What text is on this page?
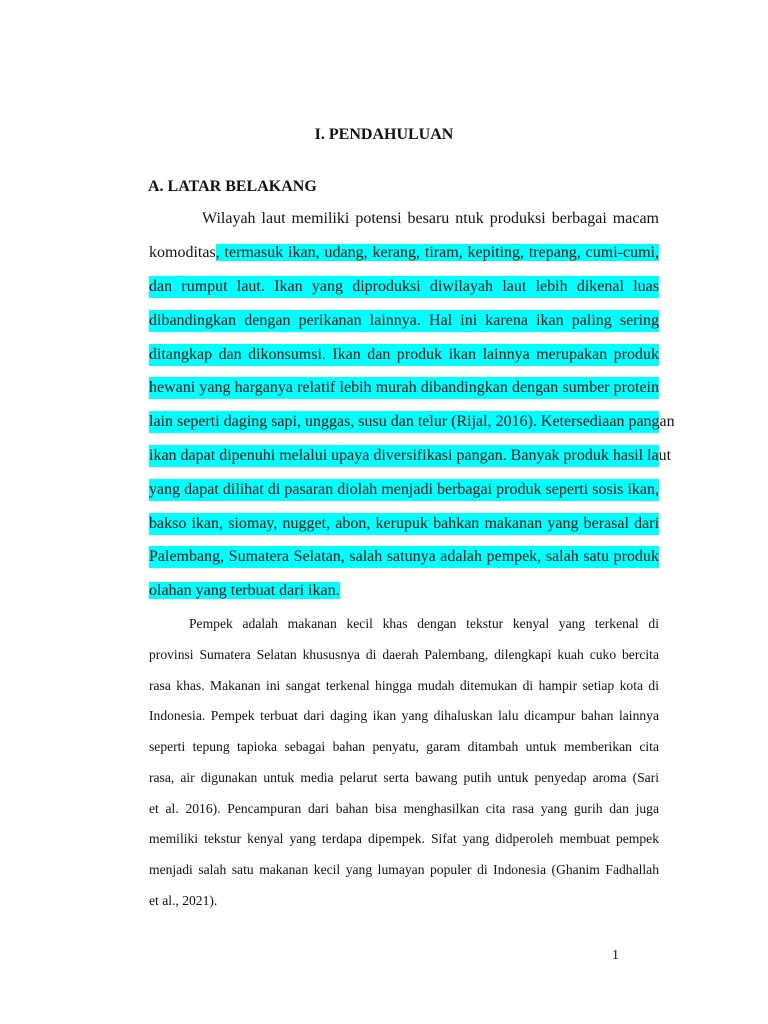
I. PENDAHULUAN
A. LATAR BELAKANG
Wilayah laut memiliki potensi besaru ntuk produksi berbagai macam
komoditas, termasuk ikan, udang, kerang, tiram, kepiting, trepang, cumi-cumi,
dan rumput laut. Ikan yang diproduksi diwilayah laut lebih dikenal luas
dibandingkan dengan perikanan lainnya. Hal ini karena ikan paling sering
ditangkap dan dikonsumsi. Ikan dan produk ikan lainnya merupakan produk
hewani yang harganya relatif lebih murah dibandingkan dengan sumber protein
lain seperti daging sapi, unggas, susu dan telur (Rijal, 2016). Ketersediaan pangan
ikan dapat dipenuhi melalui upaya diversifikasi pangan. Banyak produk hasil laut
yang dapat dilihat di pasaran diolah menjadi berbagai produk seperti sosis ikan,
bakso ikan, siomay, nugget, abon, kerupuk bahkan makanan yang berasal dari
Palembang, Sumatera Selatan, salah satunya adalah pempek, salah satu produk
olahan yang terbuat dari ikan.
Pempek adalah makanan kecil khas dengan tekstur kenyal yang terkenal di
provinsi Sumatera Selatan khususnya di daerah Palembang, dilengkapi kuah cuko bercita
rasa khas. Makanan ini sangat terkenal hingga mudah ditemukan di hampir setiap kota di
Indonesia. Pempek terbuat dari daging ikan yang dihaluskan lalu dicampur bahan lainnya
seperti tepung tapioka sebagai bahan penyatu, garam ditambah untuk memberikan cita
rasa, air digunakan untuk media pelarut serta bawang putih untuk penyedap aroma (Sari
et al. 2016). Pencampuran dari bahan bisa menghasilkan cita rasa yang gurih dan juga
memiliki tekstur kenyal yang terdapa dipempek. Sifat yang didperoleh membuat pempek
menjadi salah satu makanan kecil yang lumayan populer di Indonesia (Ghanim Fadhallah
et al., 2021).
1
